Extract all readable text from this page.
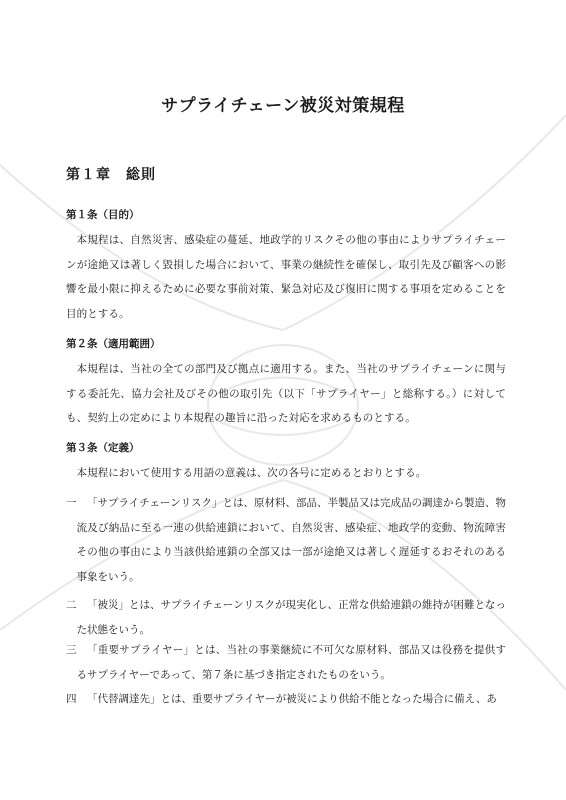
サプライチェーン被災対策規程
第１章　 総則
第１条（目的）
本規程は、自然災害、感染症の蔓延、地政学的リスクその他の事由によりサプライチェーンが途絶又は著しく毀損した場合において、事業の継続性を確保し、取引先及び顧客への影響を最小限に抑えるために必要な事前対策、緊急対応及び復旧に関する事項を定めることを目的とする。
第２条（適用範囲）
本規程は、当社の全ての部門及び拠点に適用する。また、当社のサプライチェーンに関与する委託先、協力会社及びその他の取引先（以下「サプライヤー」と総称する。）に対しても、契約上の定めにより本規程の趣旨に沿った対応を求めるものとする。
第３条（定義）
本規程において使用する用語の意義は、次の各号に定めるとおりとする。
一	「サプライチェーンリスク」とは、原材料、部品、半製品又は完成品の調達から製造、物流及び納品に至る一連の供給連鎖において、自然災害、感染症、地政学的変動、物流障害その他の事由により当該供給連鎖の全部又は一部が途絶又は著しく遅延するおそれのある事象をいう。
二	「被災」とは、サプライチェーンリスクが現実化し、正常な供給連鎖の維持が困難となった状態をいう。
三	「重要サプライヤー」とは、当社の事業継続に不可欠な原材料、部品又は役務を提供するサプライヤーであって、第７条に基づき指定されたものをいう。
四	「代替調達先」とは、重要サプライヤーが被災により供給不能となった場合に備え、あ
